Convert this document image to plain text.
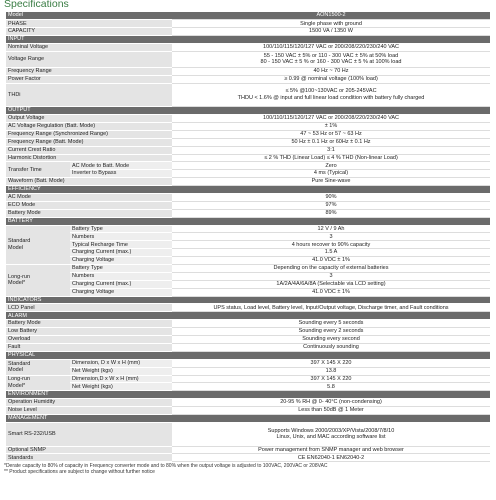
Specifications
Model		AON1500-2
PHASE		Single phase with ground
CAPACITY		1500 VA / 1350 W
INPUT		
Nominal Voltage		100/110/115/120/127 VAC or 200/208/220/230/240 VAC
Voltage Range		55 - 150 VAC ± 5% or 110 - 300 VAC ± 5% at 50% load
80 - 150 VAC ± 5 % or 160 - 300 VAC ± 5 % at 100% load
Frequency Range		40 Hz ~ 70 Hz
Power Factor		≥ 0.99 @ nominal voltage (100% load)
THDi		≤ 5% @100~130VAC or 205-245VAC
THDU < 1.6% @ input and full linear load condition with battery fully charged
OUTPUT		
Output Voltage		100/110/115/120/127 VAC or 200/208/220/230/240 VAC
AC Voltage Regulation (Batt. Mode)		± 1%
Frequency Range (Synchronized Range)		47 ~ 53 Hz or 57 ~ 63 Hz
Frequency Range (Batt. Mode)		50 Hz ± 0.1 Hz or 60Hz ± 0.1 Hz
Current Crest Ratio		3:1
Harmonic Distortion		≤ 2 % THD (Linear Load) ≤ 4 % THD (Non-linear Load)
Transfer Time	AC Mode to Batt. Mode	Zero
	Inverter to Bypass	4 ms (Typical)
Waveform (Batt. Mode)		Pure Sine-wave
EFFICIENCY		
AC Mode		90%
ECO Mode		97%
Battery Mode		89%
BATTERY		
Standard
Model	Battery Type	12 V / 9 Ah
	Numbers	3
	Typical Recharge Time	4 hours recover to 90% capacity
	Charging Current (max.)	1.5 A
	Charging Voltage	41.0 VDC ± 1%
Long-run
Model*	Battery Type	Depending on the capacity of external batteries
	Numbers	3
	Charging Current (max.)	1A/2A/4A/6A/8A (Selectable via LCD setting)
	Charging Voltage	41.0 VDC ± 1%
INDICATORS		
LCD Panel		UPS status, Load level, Battery level, Input/Output voltage, Discharge timer, and Fault conditions
ALARM		
Battery Mode		Sounding every 5 seconds
Low Battery		Sounding every 2 seconds
Overload		Sounding every second
Fault		Continuously sounding
PHYSICAL		
Standard
Model	Dimension, D x W x H (mm)	397 X 145 X 220
	Net Weight (kgs)	13.8
Long-run
Model*	Dimension,D x W x H (mm)	397 X 145 X 220
	Net Weight (kgs)	5.8
ENVIRONMENT		
Operation Humidity		20-95 % RH @ 0- 40°C (non-condensing)
Noise Level		Less than 50dB @ 1 Meter
MANAGEMENT		
Smart RS-232/USB		Supports Windows 2000/2003/XP/Vista/2008/7/8/10
Linux, Unix, and MAC according software list
Optional SNMP		Power management from SNMP manager and web browser
Standards		CE EN62040-1 EN62040-2
*Derate capacity to 80% of capacity in Frequency converter mode and to 80% when the output voltage is adjusted to 100VAC, 200VAC or 208VAC
** Product specifications are subject to change without further notice
